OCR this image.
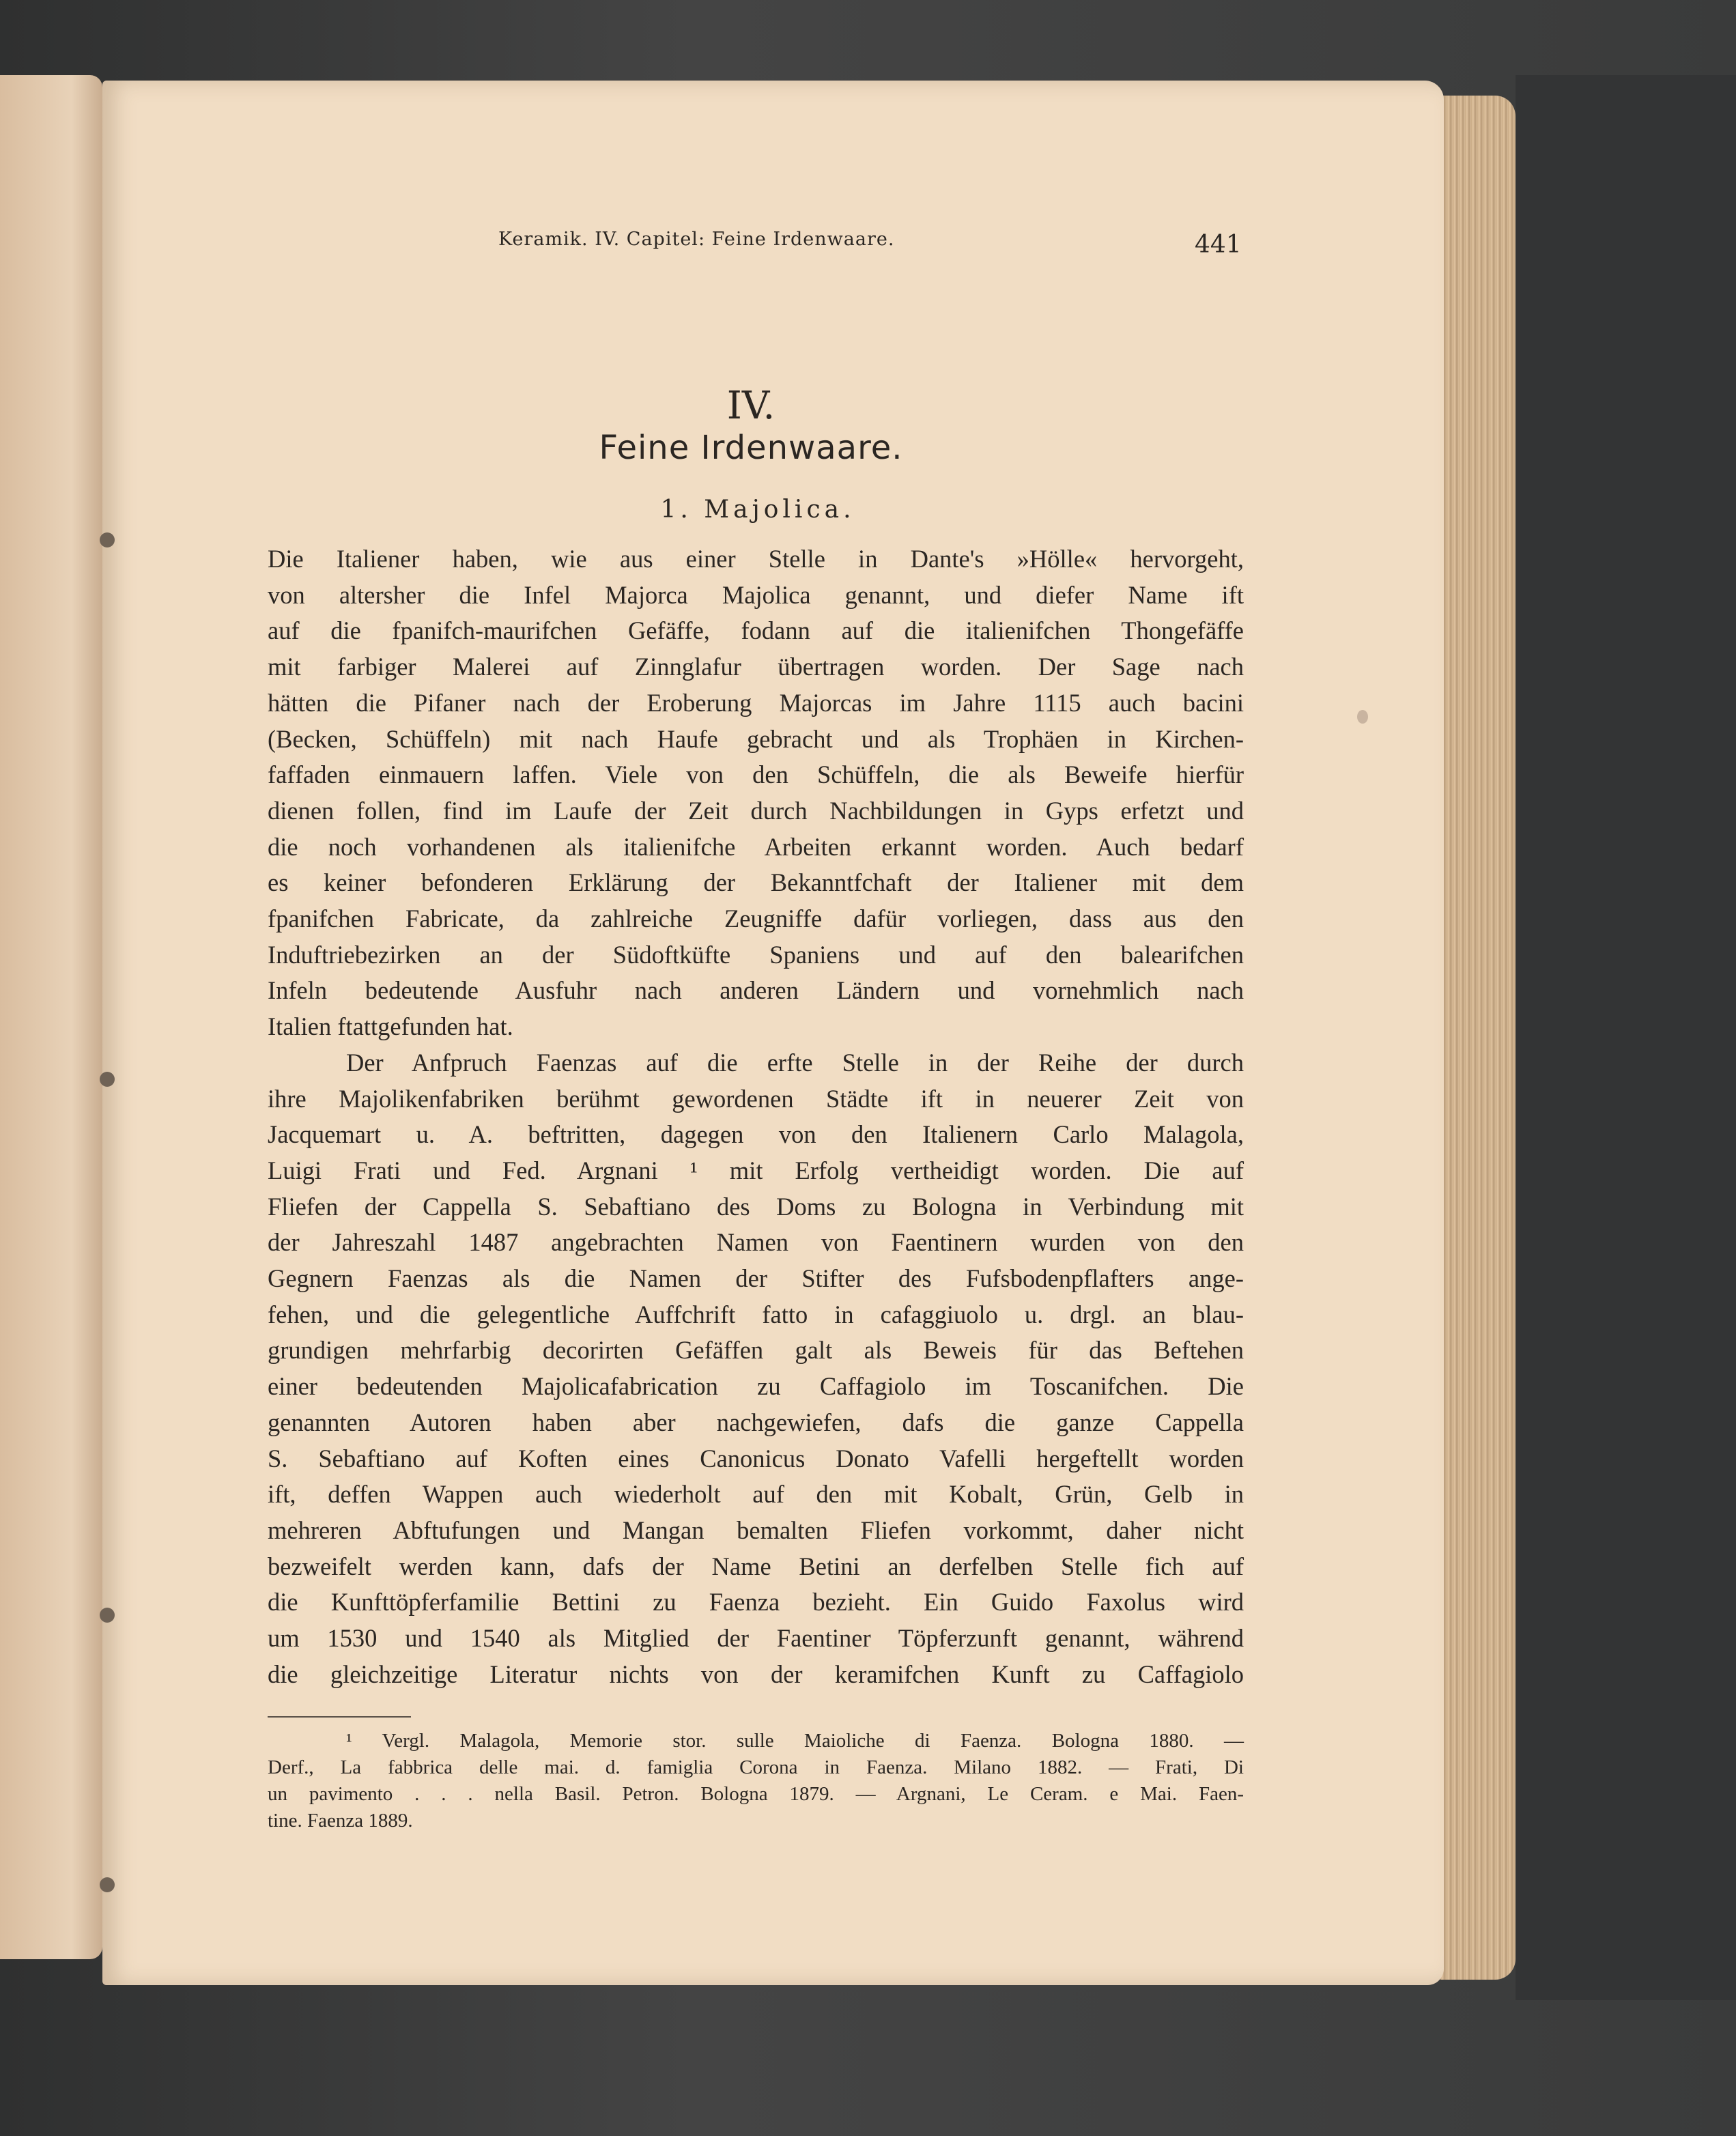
Keramik. IV. Capitel: Feine Irdenwaare.	441
IV.
Feine Irdenwaare.
1. Majolica.
Die Italiener haben, wie aus einer Stelle in Dante's »Hölle« hervorgeht,
von altersher die Infel Majorca Majolica genannt, und diefer Name ift
auf die fpanifch-maurifchen Gefäffe, fodann auf die italienifchen Thongefäffe
mit farbiger Malerei auf Zinnglafur übertragen worden. Der Sage nach
hätten die Pifaner nach der Eroberung Majorcas im Jahre 1115 auch bacini
(Becken, Schüffeln) mit nach Haufe gebracht und als Trophäen in Kirchen-
faffaden einmauern laffen. Viele von den Schüffeln, die als Beweife hierfür
dienen follen, find im Laufe der Zeit durch Nachbildungen in Gyps erfetzt und
die noch vorhandenen als italienifche Arbeiten erkannt worden. Auch bedarf
es keiner befonderen Erklärung der Bekanntfchaft der Italiener mit dem
fpanifchen Fabricate, da zahlreiche Zeugniffe dafür vorliegen, dass aus den
Induftriebezirken an der Südoftküfte Spaniens und auf den balearifchen
Infeln bedeutende Ausfuhr nach anderen Ländern und vornehmlich nach
Italien ftattgefunden hat.
Der Anfpruch Faenzas auf die erfte Stelle in der Reihe der durch
ihre Majolikenfabriken berühmt gewordenen Städte ift in neuerer Zeit von
Jacquemart u. A. beftritten, dagegen von den Italienern Carlo Malagola,
Luigi Frati und Fed. Argnani ¹ mit Erfolg vertheidigt worden. Die auf
Fliefen der Cappella S. Sebaftiano des Doms zu Bologna in Verbindung mit
der Jahreszahl 1487 angebrachten Namen von Faentinern wurden von den
Gegnern Faenzas als die Namen der Stifter des Fufsbodenpflafters ange-
fehen, und die gelegentliche Auffchrift fatto in cafaggiuolo u. drgl. an blau-
grundigen mehrfarbig decorirten Gefäffen galt als Beweis für das Beftehen
einer bedeutenden Majolicafabrication zu Caffagiolo im Toscanifchen. Die
genannten Autoren haben aber nachgewiefen, dafs die ganze Cappella
S. Sebaftiano auf Koften eines Canonicus Donato Vafelli hergeftellt worden
ift, deffen Wappen auch wiederholt auf den mit Kobalt, Grün, Gelb in
mehreren Abftufungen und Mangan bemalten Fliefen vorkommt, daher nicht
bezweifelt werden kann, dafs der Name Betini an derfelben Stelle fich auf
die Kunfttöpferfamilie Bettini zu Faenza bezieht. Ein Guido Faxolus wird
um 1530 und 1540 als Mitglied der Faentiner Töpferzunft genannt, während
die gleichzeitige Literatur nichts von der keramifchen Kunft zu Caffagiolo
¹ Vergl. Malagola, Memorie stor. sulle Maioliche di Faenza. Bologna 1880. —
Derf., La fabbrica delle mai. d. famiglia Corona in Faenza. Milano 1882. — Frati, Di
un pavimento . . . nella Basil. Petron. Bologna 1879. — Argnani, Le Ceram. e Mai. Faen-
tine. Faenza 1889.
